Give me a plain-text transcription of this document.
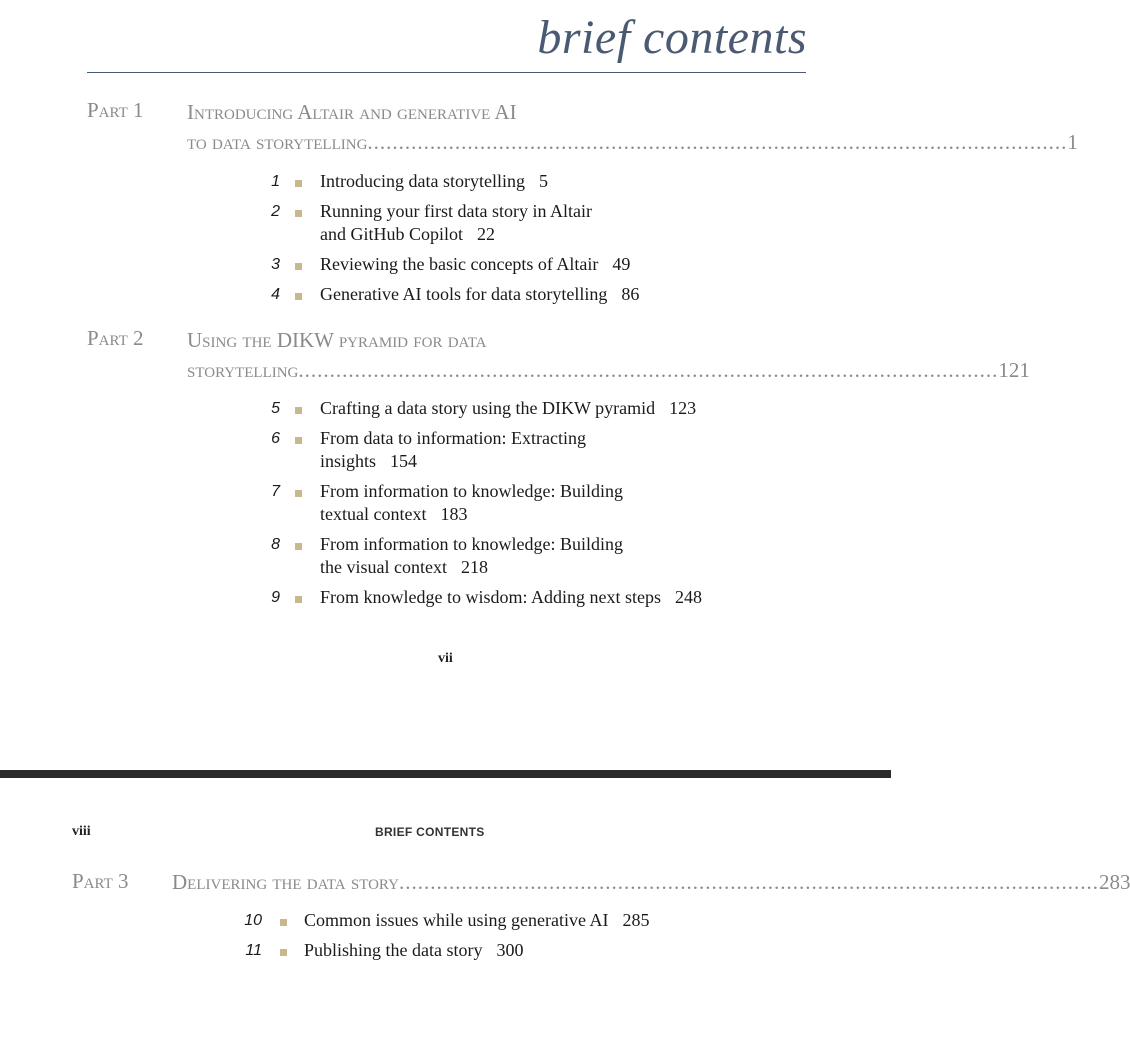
brief contents
Part 1 Introducing Altair and generative AI
to data storytelling ................................................................................................................ 1
1 Introducing data storytelling 5
2 Running your first data story in Altair
and GitHub Copilot 22
3 Reviewing the basic concepts of Altair 49
4 Generative AI tools for data storytelling 86
Part 2 Using the DIKW pyramid for data
storytelling ................................................................................................................ 121
5 Crafting a data story using the DIKW pyramid 123
6 From data to information: Extracting
insights 154
7 From information to knowledge: Building
textual context 183
8 From information to knowledge: Building
the visual context 218
9 From knowledge to wisdom: Adding next steps 248
vii
viii	BRIEF CONTENTS
Part 3 Delivering the data story ................................................................................................................ 283
10 Common issues while using generative AI 285
11 Publishing the data story 300
